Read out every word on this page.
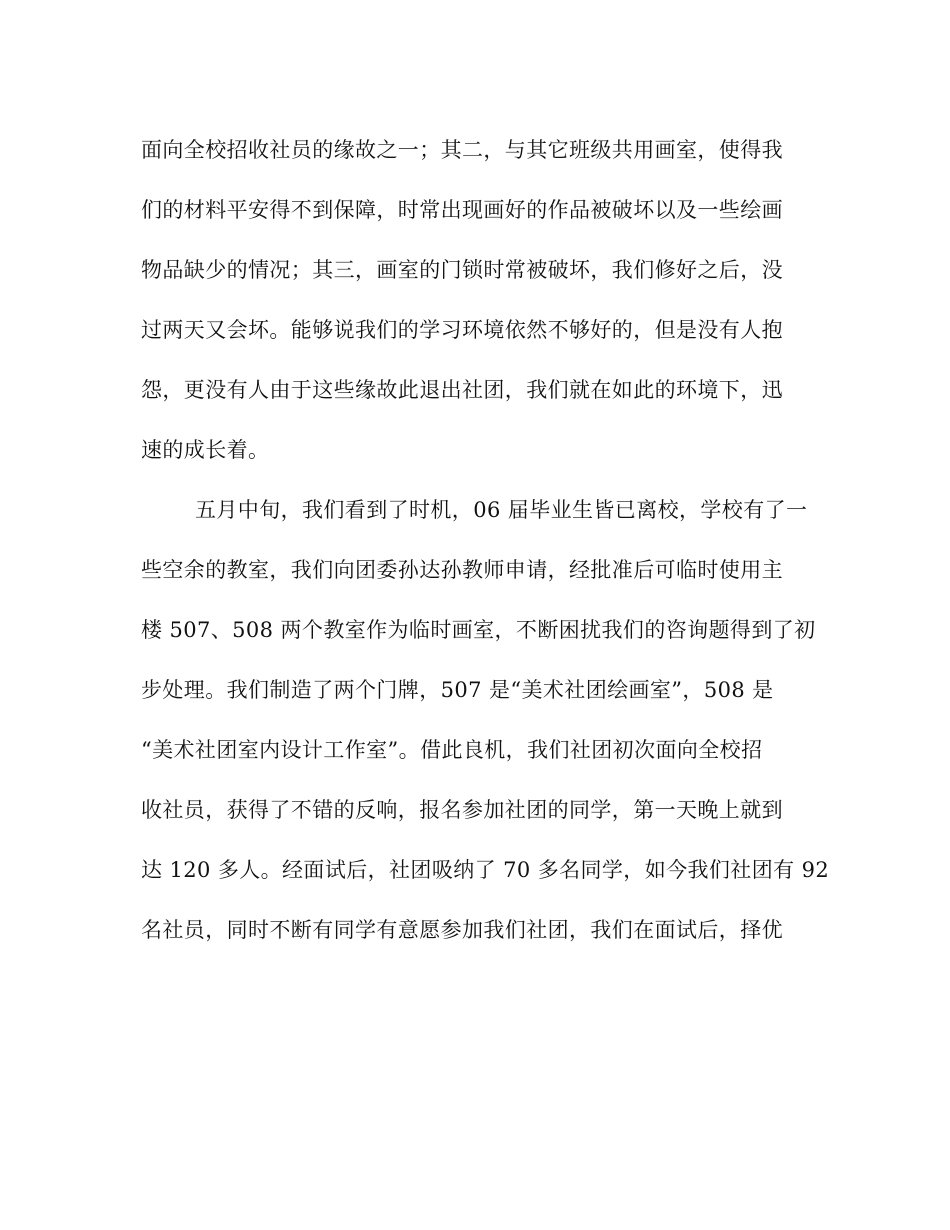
面向全校招收社员的缘故之一；其二，与其它班级共用画室，使得我
们的材料平安得不到保障，时常出现画好的作品被破坏以及一些绘画
物品缺少的情况；其三，画室的门锁时常被破坏，我们修好之后，没
过两天又会坏。能够说我们的学习环境依然不够好的，但是没有人抱
怨，更没有人由于这些缘故此退出社团，我们就在如此的环境下，迅
速的成长着。
五月中旬，我们看到了时机，06 届毕业生皆已离校，学校有了一
些空余的教室，我们向团委孙达孙教师申请，经批准后可临时使用主
楼 507、508 两个教室作为临时画室，不断困扰我们的咨询题得到了初
步处理。我们制造了两个门牌，507 是“美术社团绘画室”，508 是
“美术社团室内设计工作室”。借此良机，我们社团初次面向全校招
收社员，获得了不错的反响，报名参加社团的同学，第一天晚上就到
达 120 多人。经面试后，社团吸纳了 70 多名同学，如今我们社团有 92
名社员，同时不断有同学有意愿参加我们社团，我们在面试后，择优
